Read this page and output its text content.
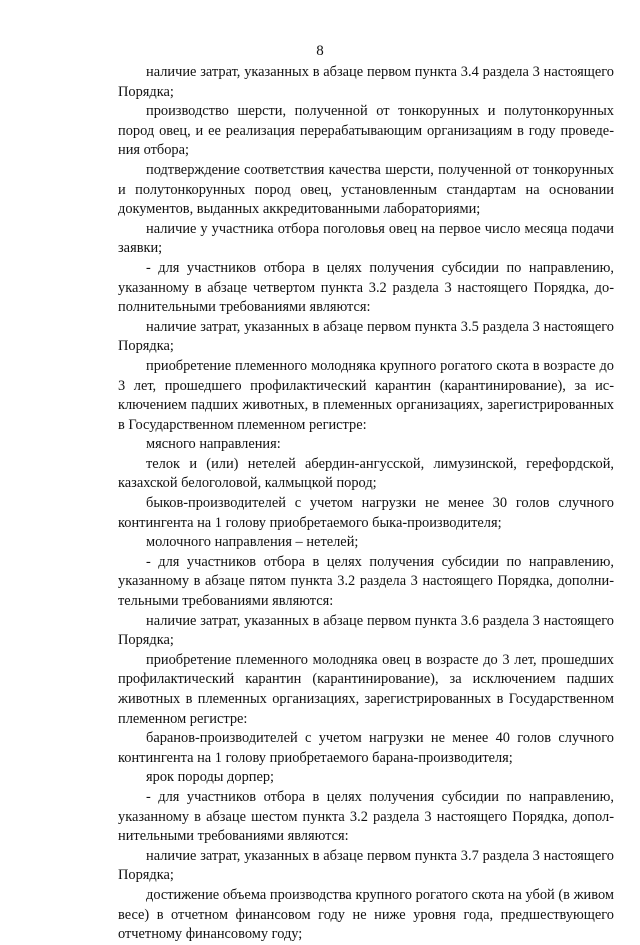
8

наличие затрат, указанных в абзаце первом пункта 3.4 раздела 3 настоящего Порядка;

производство шерсти, полученной от тонкорунных и полутонкорунных пород овец, и ее реализация перерабатывающим организациям в году проведения отбора;

подтверждение соответствия качества шерсти, полученной от тонкорунных и полутонкорунных пород овец, установленным стандартам на основании документов, выданных аккредитованными лабораториями;

наличие у участника отбора поголовья овец на первое число месяца подачи заявки;

- для участников отбора в целях получения субсидии по направлению, указанному в абзаце четвертом пункта 3.2 раздела 3 настоящего Порядка, дополнительными требованиями являются:

наличие затрат, указанных в абзаце первом пункта 3.5 раздела 3 настоящего Порядка;

приобретение племенного молодняка крупного рогатого скота в возрасте до 3 лет, прошедшего профилактический карантин (карантинирование), за исключением падших животных, в племенных организациях, зарегистрированных в Государственном племенном регистре:

мясного направления:

телок и (или) нетелей абердин-ангусской, лимузинской, герефордской, казахской белоголовой, калмыцкой пород;

быков-производителей с учетом нагрузки не менее 30 голов случного контингента на 1 голову приобретаемого быка-производителя;

молочного направления – нетелей;

- для участников отбора в целях получения субсидии по направлению, указанному в абзаце пятом пункта 3.2 раздела 3 настоящего Порядка, дополнительными требованиями являются:

наличие затрат, указанных в абзаце первом пункта 3.6 раздела 3 настоящего Порядка;

приобретение племенного молодняка овец в возрасте до 3 лет, прошедших профилактический карантин (карантинирование), за исключением падших животных в племенных организациях, зарегистрированных в Государственном племенном регистре:

баранов-производителей с учетом нагрузки не менее 40 голов случного контингента на 1 голову приобретаемого барана-производителя;

ярок породы дорпер;

- для участников отбора в целях получения субсидии по направлению, указанному в абзаце шестом пункта 3.2 раздела 3 настоящего Порядка, дополнительными требованиями являются:

наличие затрат, указанных в абзаце первом пункта 3.7 раздела 3 настоящего Порядка;

достижение объема производства крупного рогатого скота на убой (в живом весе) в отчетном финансовом году не ниже уровня года, предшествующего отчетному финансовому году;
